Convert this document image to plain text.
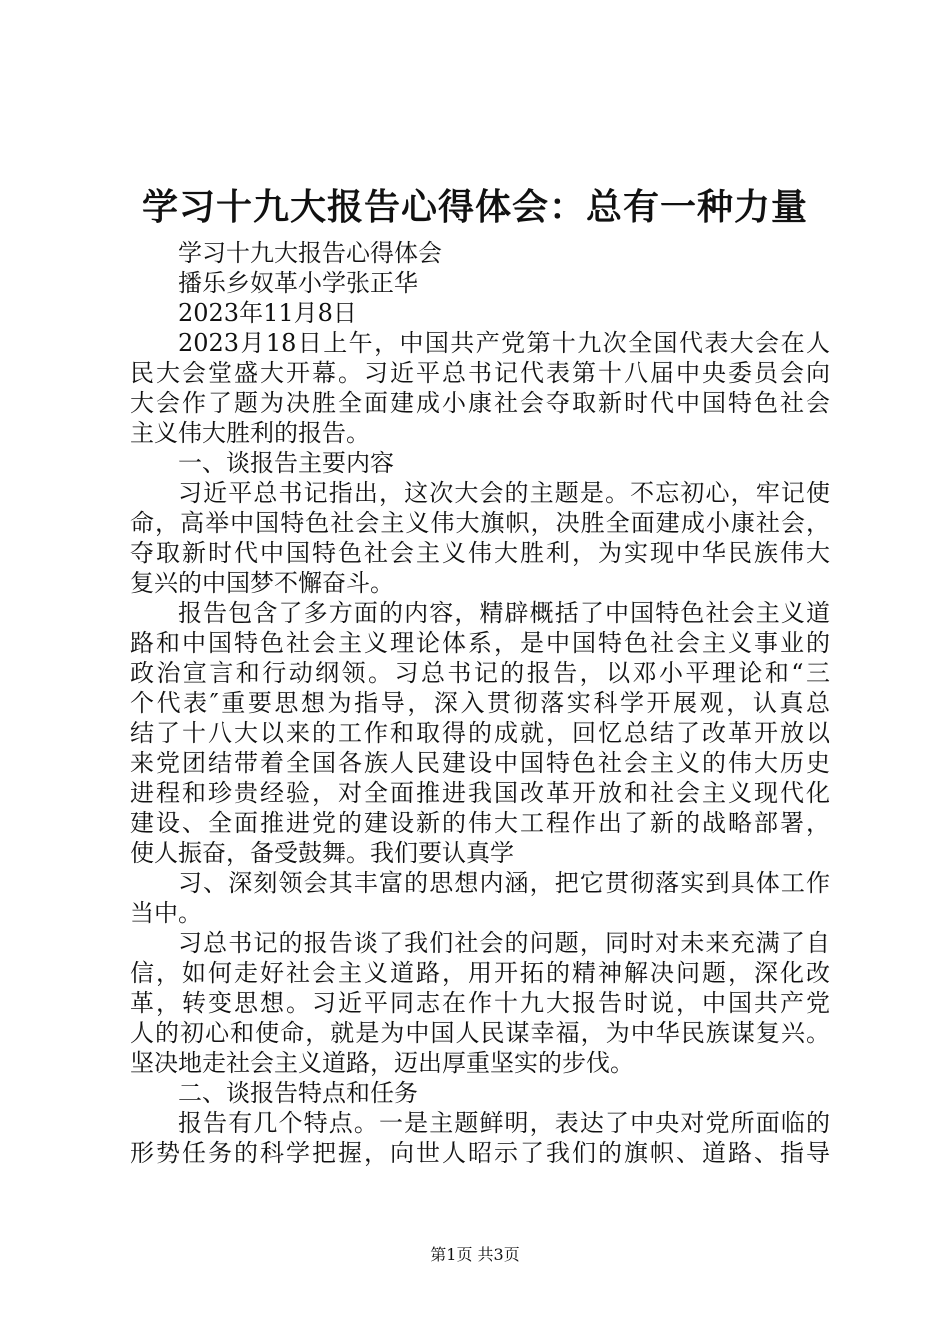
学习十九大报告心得体会：总有一种力量
学习十九大报告心得体会
播乐乡奴革小学张正华
2023年11月8日
2023月18日上午，中国共产党第十九次全国代表大会在人
民大会堂盛大开幕。习近平总书记代表第十八届中央委员会向
大会作了题为决胜全面建成小康社会夺取新时代中国特色社会
主义伟大胜利的报告。
一、谈报告主要内容
习近平总书记指出，这次大会的主题是。不忘初心，牢记使
命，高举中国特色社会主义伟大旗帜，决胜全面建成小康社会，
夺取新时代中国特色社会主义伟大胜利，为实现中华民族伟大
复兴的中国梦不懈奋斗。
报告包含了多方面的内容，精辟概括了中国特色社会主义道
路和中国特色社会主义理论体系，是中国特色社会主义事业的
政治宣言和行动纲领。习总书记的报告，以邓小平理论和“三
个代表″重要思想为指导，深入贯彻落实科学开展观，认真总
结了十八大以来的工作和取得的成就，回忆总结了改革开放以
来党团结带着全国各族人民建设中国特色社会主义的伟大历史
进程和珍贵经验，对全面推进我国改革开放和社会主义现代化
建设、全面推进党的建设新的伟大工程作出了新的战略部署，
使人振奋，备受鼓舞。我们要认真学
习、深刻领会其丰富的思想内涵，把它贯彻落实到具体工作
当中。
习总书记的报告谈了我们社会的问题，同时对未来充满了自
信，如何走好社会主义道路，用开拓的精神解决问题，深化改
革，转变思想。习近平同志在作十九大报告时说，中国共产党
人的初心和使命，就是为中国人民谋幸福，为中华民族谋复兴。
坚决地走社会主义道路，迈出厚重坚实的步伐。
二、谈报告特点和任务
报告有几个特点。一是主题鲜明，表达了中央对党所面临的
形势任务的科学把握，向世人昭示了我们的旗帜、道路、指导
第1页 共3页
